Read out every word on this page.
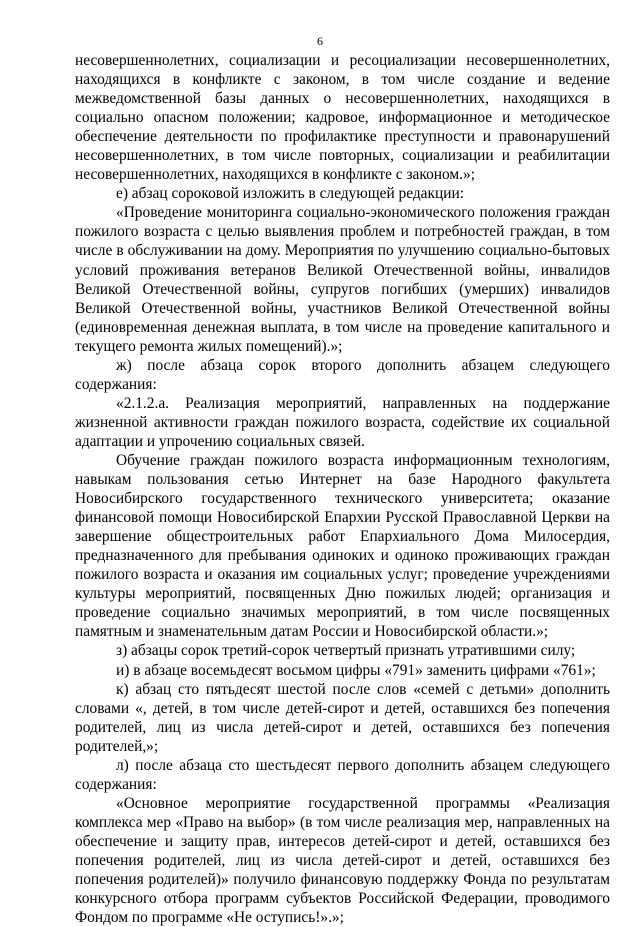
6

несовершеннолетних, социализации и ресоциализации несовершеннолетних, находящихся в конфликте с законом, в том числе создание и ведение межведомственной базы данных о несовершеннолетних, находящихся в социально опасном положении; кадровое, информационное и методическое обеспечение деятельности по профилактике преступности и правонарушений несовершеннолетних, в том числе повторных, социализации и реабилитации несовершеннолетних, находящихся в конфликте с законом.»;

е) абзац сороковой изложить в следующей редакции:

«Проведение мониторинга социально-экономического положения граждан пожилого возраста с целью выявления проблем и потребностей граждан, в том числе в обслуживании на дому. Мероприятия по улучшению социально-бытовых условий проживания ветеранов Великой Отечественной войны, инвалидов Великой Отечественной войны, супругов погибших (умерших) инвалидов Великой Отечественной войны, участников Великой Отечественной войны (единовременная денежная выплата, в том числе на проведение капитального и текущего ремонта жилых помещений).»;

ж) после абзаца сорок второго дополнить абзацем следующего содержания:

«2.1.2.а. Реализация мероприятий, направленных на поддержание жизненной активности граждан пожилого возраста, содействие их социальной адаптации и упрочению социальных связей.

Обучение граждан пожилого возраста информационным технологиям, навыкам пользования сетью Интернет на базе Народного факультета Новосибирского государственного технического университета; оказание финансовой помощи Новосибирской Епархии Русской Православной Церкви на завершение общестроительных работ Епархиального Дома Милосердия, предназначенного для пребывания одиноких и одиноко проживающих граждан пожилого возраста и оказания им социальных услуг; проведение учреждениями культуры мероприятий, посвященных Дню пожилых людей; организация и проведение социально значимых мероприятий, в том числе посвященных памятным и знаменательным датам России и Новосибирской области.»;

з) абзацы сорок третий-сорок четвертый признать утратившими силу;

и) в абзаце восемьдесят восьмом цифры «791» заменить цифрами «761»;

к) абзац сто пятьдесят шестой после слов «семей с детьми» дополнить словами «, детей, в том числе детей-сирот и детей, оставшихся без попечения родителей, лиц из числа детей-сирот и детей, оставшихся без попечения родителей,»;

л) после абзаца сто шестьдесят первого дополнить абзацем следующего содержания:

«Основное мероприятие государственной программы «Реализация комплекса мер «Право на выбор» (в том числе реализация мер, направленных на обеспечение и защиту прав, интересов детей-сирот и детей, оставшихся без попечения родителей, лиц из числа детей-сирот и детей, оставшихся без попечения родителей)» получило финансовую поддержку Фонда по результатам конкурсного отбора программ субъектов Российской Федерации, проводимого Фондом по программе «Не оступись!».»;
